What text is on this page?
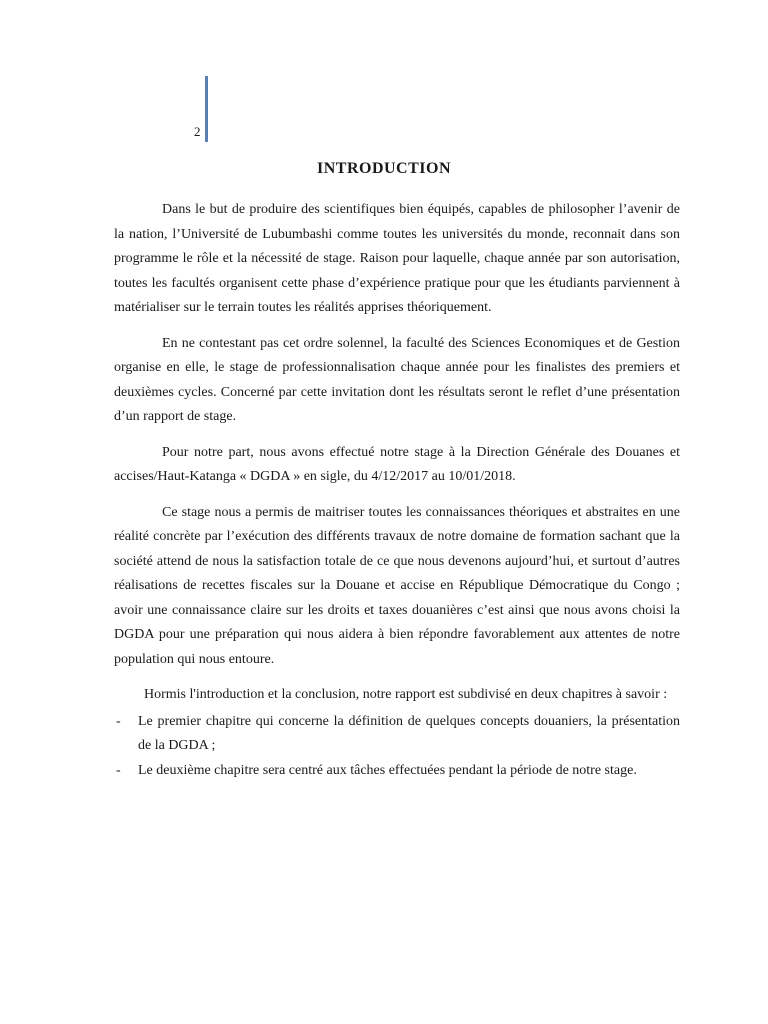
2
INTRODUCTION

Dans le but de produire des scientifiques bien équipés, capables de philosopher l’avenir de la nation, l’Université de Lubumbashi comme toutes les universités du monde, reconnait dans son programme le rôle et la nécessité de stage. Raison pour laquelle, chaque année par son autorisation, toutes les facultés organisent cette phase d’expérience pratique pour que les étudiants parviennent à matérialiser sur le terrain toutes les réalités apprises théoriquement.

En ne contestant pas cet ordre solennel, la faculté des Sciences Economiques et de Gestion organise en elle, le stage de professionnalisation chaque année pour les finalistes des premiers et deuxièmes cycles. Concerné par cette invitation dont les résultats seront le reflet d’une présentation d’un rapport de stage.

Pour notre part, nous avons effectué notre stage à la Direction Générale des Douanes et accises/Haut-Katanga « DGDA » en sigle, du 4/12/2017 au 10/01/2018.

Ce stage nous a permis de maitriser toutes les connaissances théoriques et abstraites en une réalité concrète par l’exécution des différents travaux de notre domaine de formation sachant que la société attend de nous la satisfaction totale de ce que nous devenons aujourd’hui, et surtout d’autres réalisations de recettes fiscales sur la Douane et accise en République Démocratique du Congo ; avoir une connaissance claire sur les droits et taxes douanières c’est ainsi que nous avons choisi la DGDA pour une préparation qui nous aidera à bien répondre favorablement aux attentes de notre population qui nous entoure.

Hormis l'introduction et la conclusion, notre rapport est subdivisé en deux chapitres à savoir :

- Le premier chapitre qui concerne la définition de quelques concepts douaniers, la présentation de la DGDA ;
- Le deuxième chapitre sera centré aux tâches effectuées pendant la période de notre stage.
